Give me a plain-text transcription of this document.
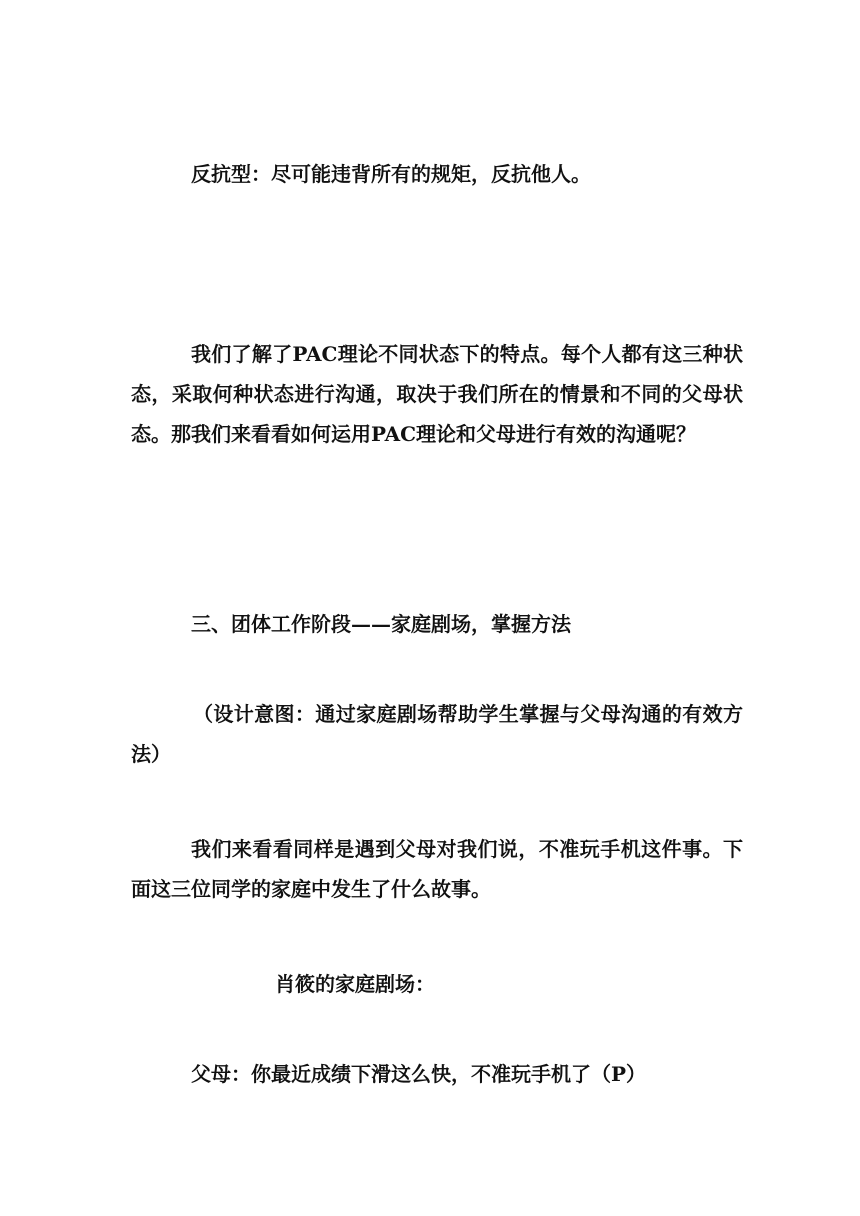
反抗型：尽可能违背所有的规矩，反抗他人。

我们了解了PAC理论不同状态下的特点。每个人都有这三种状态，采取何种状态进行沟通，取决于我们所在的情景和不同的父母状态。那我们来看看如何运用PAC理论和父母进行有效的沟通呢？

三、团体工作阶段——家庭剧场，掌握方法

（设计意图：通过家庭剧场帮助学生掌握与父母沟通的有效方法）

我们来看看同样是遇到父母对我们说，不准玩手机这件事。下面这三位同学的家庭中发生了什么故事。

肖筱的家庭剧场：

父母：你最近成绩下滑这么快，不准玩手机了（P）
